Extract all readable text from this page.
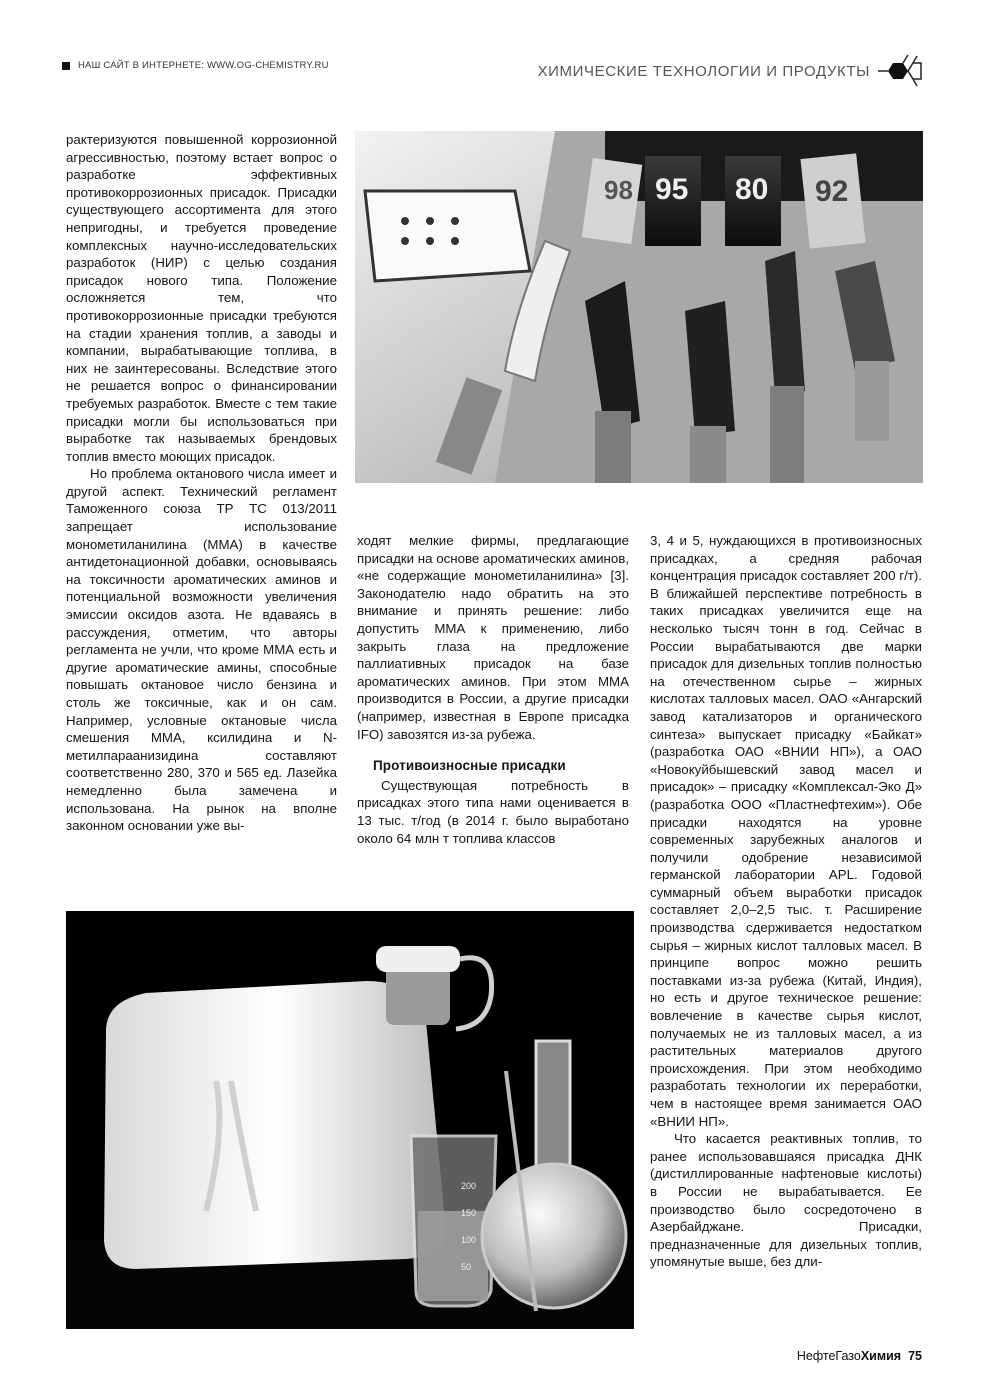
НАШ САЙТ В ИНТЕРНЕТЕ: WWW.OG-CHEMISTRY.RU	ХИМИЧЕСКИЕ ТЕХНОЛОГИИ И ПРОДУКТЫ

рактеризуются повышенной коррозионной агрессивностью, поэтому встает вопрос о разработке эффективных противокоррозионных присадок. Присадки существующего ассортимента для этого непригодны, и требуется проведение комплексных научно-исследовательских разработок (НИР) с целью создания присадок нового типа. Положение осложняется тем, что противокоррозионные присадки требуются на стадии хранения топлив, а заводы и компании, вырабатывающие топлива, в них не заинтересованы. Вследствие этого не решается вопрос о финансировании требуемых разработок. Вместе с тем такие присадки могли бы использоваться при выработке так называемых брендовых топлив вместо моющих присадок.

Но проблема октанового числа имеет и другой аспект. Технический регламент Таможенного союза ТР ТС 013/2011 запрещает использование монометиланилина (ММА) в качестве антидетонационной добавки, основываясь на токсичности ароматических аминов и потенциальной возможности увеличения эмиссии оксидов азота. Не вдаваясь в рассуждения, отметим, что авторы регламента не учли, что кроме ММА есть и другие ароматические амины, способные повышать октановое число бензина и столь же токсичные, как и он сам. Например, условные октановые числа смешения ММА, ксилидина и N-метилпараанизидина составляют соответственно 280, 370 и 565 ед. Лазейка немедленно была замечена и использована. На рынок на вполне законном основании уже вы-

98 95 80 92

ходят мелкие фирмы, предлагающие присадки на основе ароматических аминов, «не содержащие монометиланилина» [3]. Законодателю надо обратить на это внимание и принять решение: либо допустить ММА к применению, либо закрыть глаза на предложение паллиативных присадок на базе ароматических аминов. При этом ММА производится в России, а другие присадки (например, известная в Европе присадка IFO) завозятся из-за рубежа.

Противоизносные присадки

Существующая потребность в присадках этого типа нами оценивается в 13 тыс. т/год (в 2014 г. было выработано около 64 млн т топлива классов

3, 4 и 5, нуждающихся в противоизносных присадках, а средняя рабочая концентрация присадок составляет 200 г/т). В ближайшей перспективе потребность в таких присадках увеличится еще на несколько тысяч тонн в год. Сейчас в России вырабатываются две марки присадок для дизельных топлив полностью на отечественном сырье – жирных кислотах талловых масел. ОАО «Ангарский завод катализаторов и органического синтеза» выпускает присадку «Байкат» (разработка ОАО «ВНИИ НП»), а ОАО «Новокуйбышевский завод масел и присадок» – присадку «Комплексал-Эко Д» (разработка ООО «Пластнефтехим»). Обе присадки находятся на уровне современных зарубежных аналогов и получили одобрение независимой германской лаборатории APL. Годовой суммарный объем выработки присадок составляет 2,0–2,5 тыс. т. Расширение производства сдерживается недостатком сырья – жирных кислот талловых масел. В принципе вопрос можно решить поставками из-за рубежа (Китай, Индия), но есть и другое техническое решение: вовлечение в качестве сырья кислот, получаемых не из талловых масел, а из растительных материалов другого происхождения. При этом необходимо разработать технологии их переработки, чем в настоящее время занимается ОАО «ВНИИ НП».

Что касается реактивных топлив, то ранее использовавшаяся присадка ДНК (дистиллированные нафтеновые кислоты) в России не вырабатывается. Ее производство было сосредоточено в Азербайджане. Присадки, предназначенные для дизельных топлив, упомянутые выше, без дли-

200
150
100
50
НефтеГазоХимия 75
